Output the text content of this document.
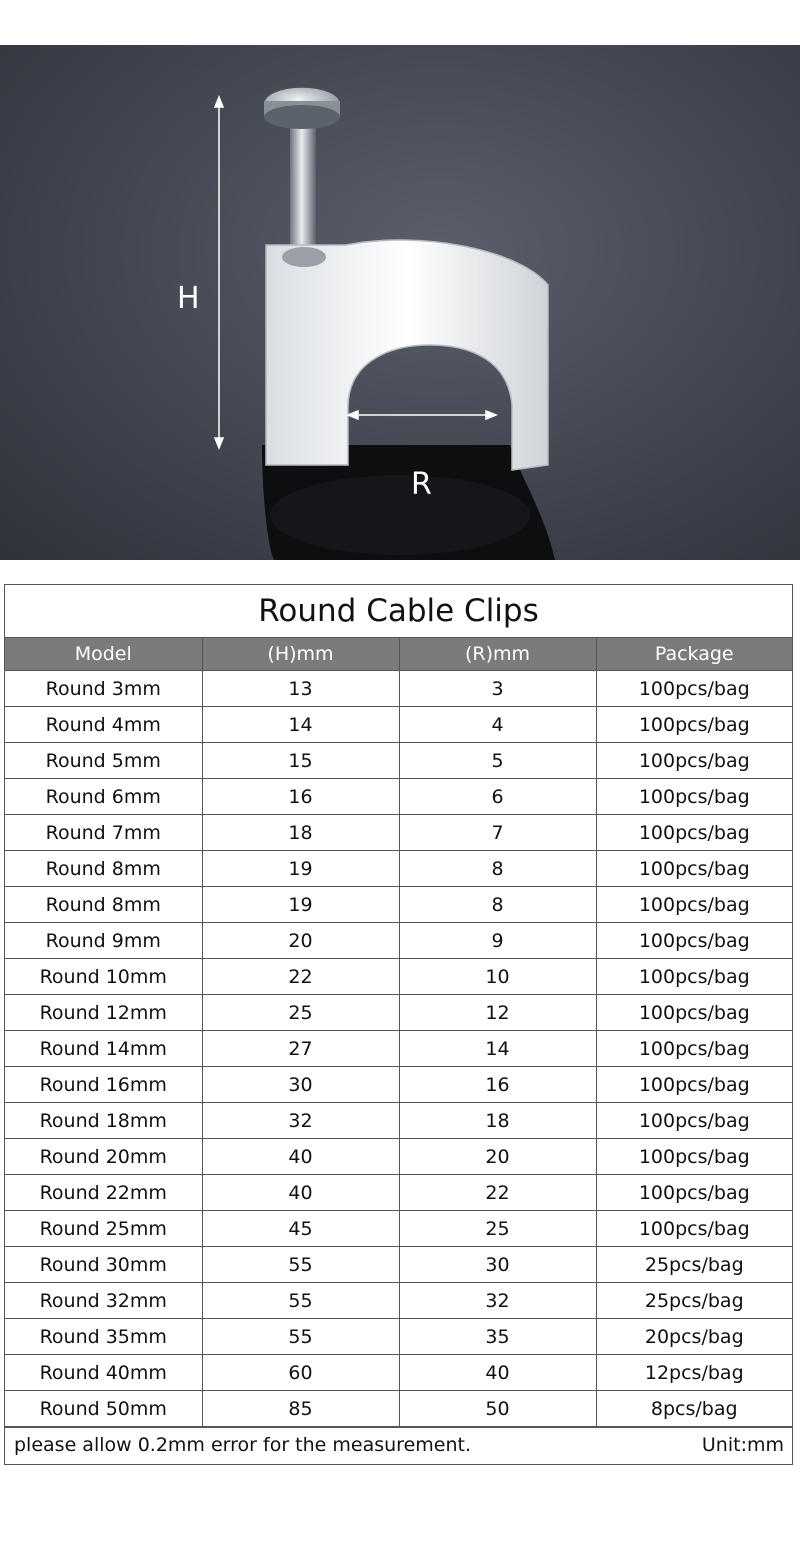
H
R
Round Cable Clips
Model	(H)mm	(R)mm	Package
Round 3mm	13	3	100pcs/bag
Round 4mm	14	4	100pcs/bag
Round 5mm	15	5	100pcs/bag
Round 6mm	16	6	100pcs/bag
Round 7mm	18	7	100pcs/bag
Round 8mm	19	8	100pcs/bag
Round 8mm	19	8	100pcs/bag
Round 9mm	20	9	100pcs/bag
Round 10mm	22	10	100pcs/bag
Round 12mm	25	12	100pcs/bag
Round 14mm	27	14	100pcs/bag
Round 16mm	30	16	100pcs/bag
Round 18mm	32	18	100pcs/bag
Round 20mm	40	20	100pcs/bag
Round 22mm	40	22	100pcs/bag
Round 25mm	45	25	100pcs/bag
Round 30mm	55	30	25pcs/bag
Round 32mm	55	32	25pcs/bag
Round 35mm	55	35	20pcs/bag
Round 40mm	60	40	12pcs/bag
Round 50mm	85	50	8pcs/bag
please allow 0.2mm error for the measurement.	Unit:mm
